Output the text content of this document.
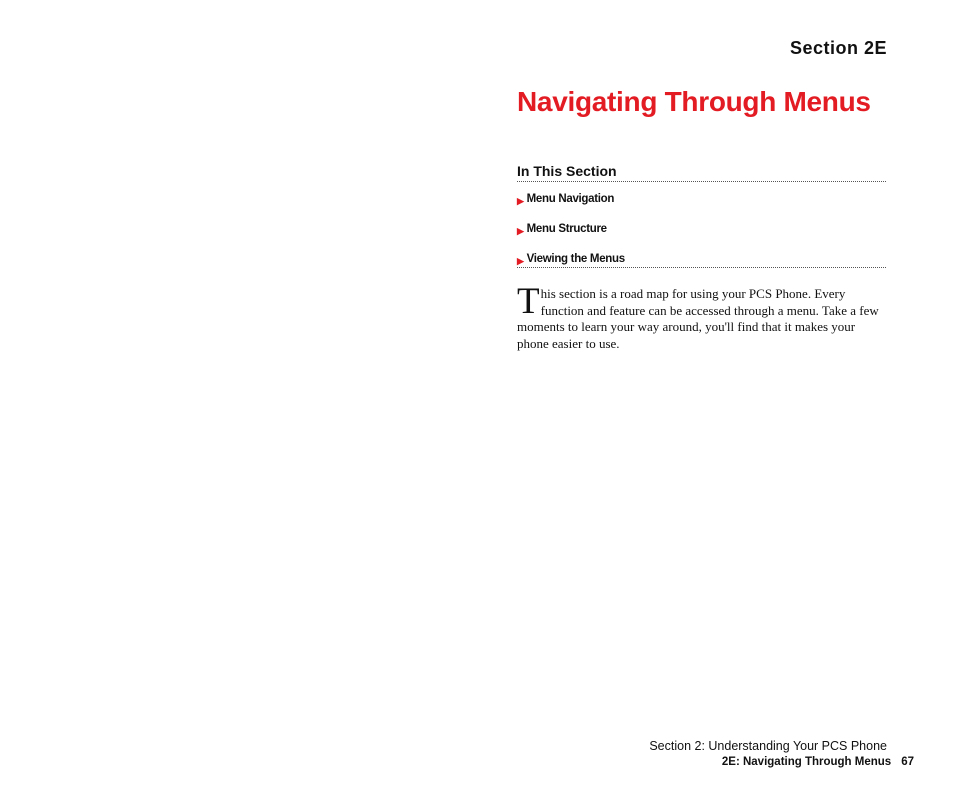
Section 2E
Navigating Through Menus
In This Section
▶ Menu Navigation
▶ Menu Structure
▶ Viewing the Menus
This section is a road map for using your PCS Phone. Every function and feature can be accessed through a menu. Take a few moments to learn your way around, you'll find that it makes your phone easier to use.
Section 2: Understanding Your PCS Phone
2E: Navigating Through Menus 67
